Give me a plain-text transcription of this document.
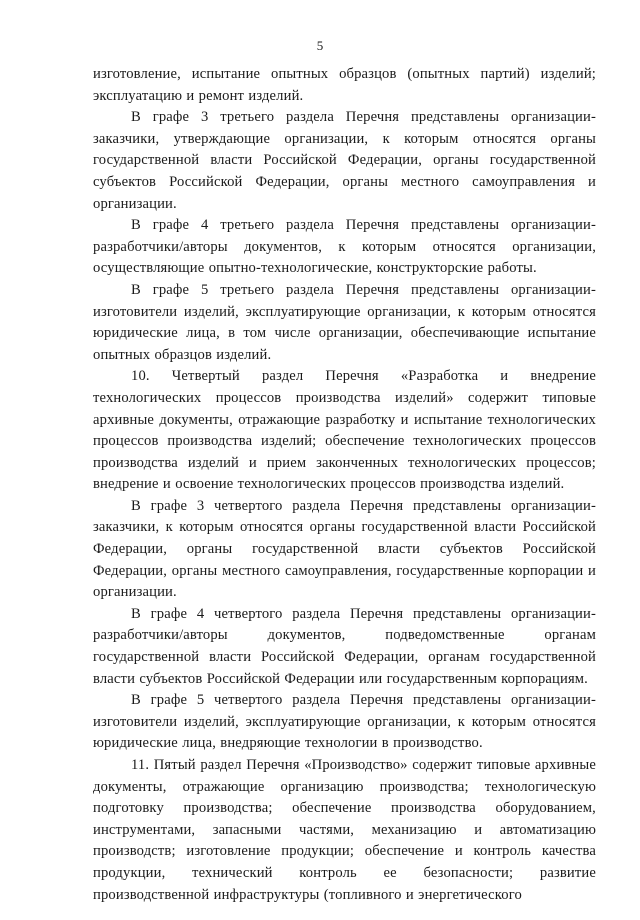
5

изготовление, испытание опытных образцов (опытных партий) изделий; эксплуатацию и ремонт изделий.

В графе 3 третьего раздела Перечня представлены организации-заказчики, утверждающие организации, к которым относятся органы государственной власти Российской Федерации, органы государственной субъектов Российской Федерации, органы местного самоуправления и организации.

В графе 4 третьего раздела Перечня представлены организации-разработчики/авторы документов, к которым относятся организации, осуществляющие опытно-технологические, конструкторские работы.

В графе 5 третьего раздела Перечня представлены организации-изготовители изделий, эксплуатирующие организации, к которым относятся юридические лица, в том числе организации, обеспечивающие испытание опытных образцов изделий.

10. Четвертый раздел Перечня «Разработка и внедрение технологических процессов производства изделий» содержит типовые архивные документы, отражающие разработку и испытание технологических процессов производства изделий; обеспечение технологических процессов производства изделий и прием законченных технологических процессов; внедрение и освоение технологических процессов производства изделий.

В графе 3 четвертого раздела Перечня представлены организации-заказчики, к которым относятся органы государственной власти Российской Федерации, органы государственной власти субъектов Российской Федерации, органы местного самоуправления, государственные корпорации и организации.

В графе 4 четвертого раздела Перечня представлены организации-разработчики/авторы документов, подведомственные органам государственной власти Российской Федерации, органам государственной власти субъектов Российской Федерации или государственным корпорациям.

В графе 5 четвертого раздела Перечня представлены организации-изготовители изделий, эксплуатирующие организации, к которым относятся юридические лица, внедряющие технологии в производство.

11. Пятый раздел Перечня «Производство» содержит типовые архивные документы, отражающие организацию производства; технологическую подготовку производства; обеспечение производства оборудованием, инструментами, запасными частями, механизацию и автоматизацию производств; изготовление продукции; обеспечение и контроль качества продукции, технический контроль ее безопасности; развитие производственной инфраструктуры (топливного и энергетического
